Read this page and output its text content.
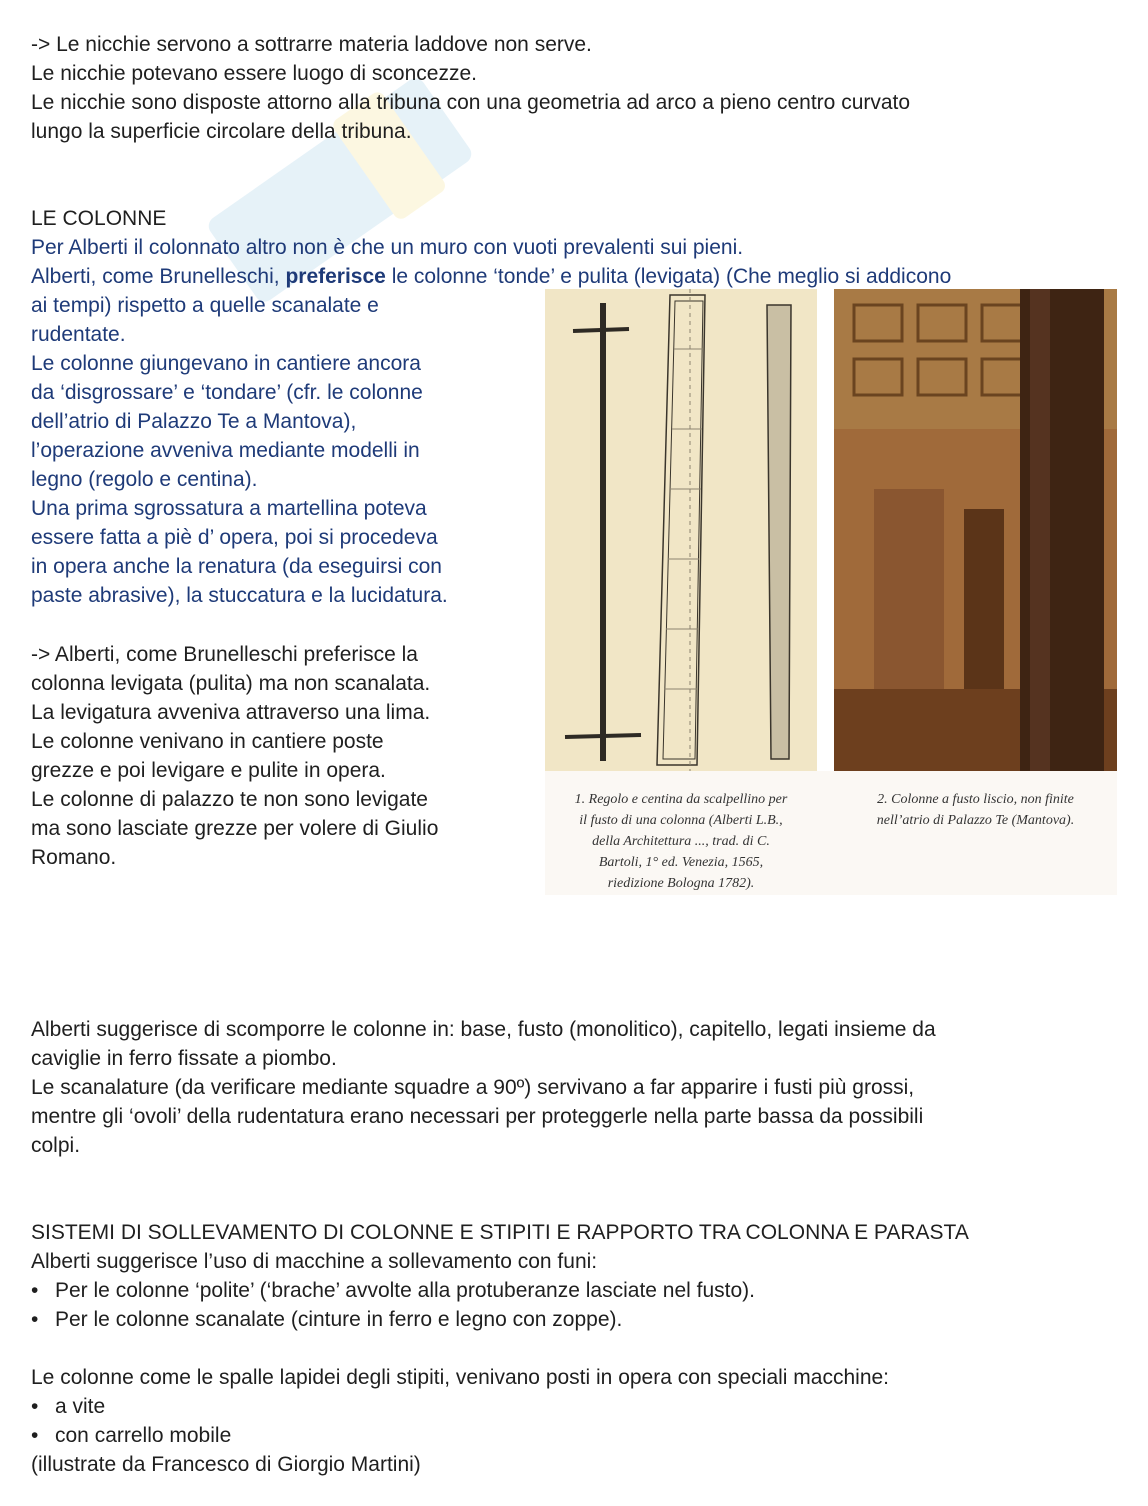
-> Le nicchie servono a sottrarre materia laddove non serve.
Le nicchie potevano essere luogo di sconcezze.
Le nicchie sono disposte attorno alla tribuna con una geometria ad arco a pieno centro curvato
lungo la superficie circolare della tribuna.
LE COLONNE
Per Alberti il colonnato altro non è che un muro con vuoti prevalenti sui pieni.
Alberti, come Brunelleschi, preferisce le colonne ‘tonde’ e pulita (levigata) (Che meglio si addicono
ai tempi) rispetto a quelle scanalate e
rudentate.
Le colonne giungevano in cantiere ancora
da ‘disgrossare’ e ‘tondare’ (cfr. le colonne
dell’atrio di Palazzo Te a Mantova),
l’operazione avveniva mediante modelli in
legno (regolo e centina).
Una prima sgrossatura a martellina poteva
essere fatta a piè d’ opera, poi si procedeva
in opera anche la renatura (da eseguirsi con
paste abrasive), la stuccatura e la lucidatura.
-> Alberti, come Brunelleschi preferisce la
colonna levigata (pulita) ma non scanalata.
La levigatura avveniva attraverso una lima.
Le colonne venivano in cantiere poste
grezze e poi levigare e pulite in opera.
Le colonne di palazzo te non sono levigate
ma sono lasciate grezze per volere di Giulio
Romano.
1. Regolo e centina da scalpellino per
il fusto di una colonna (Alberti L.B.,
della Architettura ..., trad. di C.
Bartoli, 1° ed. Venezia, 1565,
riedizione Bologna 1782).
2. Colonne a fusto liscio, non finite
nell’atrio di Palazzo Te (Mantova).
Alberti suggerisce di scomporre le colonne in: base, fusto (monolitico), capitello, legati insieme da
caviglie in ferro fissate a piombo.
Le scanalature (da verificare mediante squadre a 90º) servivano a far apparire i fusti più grossi,
mentre gli ‘ovoli’ della rudentatura erano necessari per proteggerle nella parte bassa da possibili
colpi.
SISTEMI DI SOLLEVAMENTO DI COLONNE E STIPITI E RAPPORTO TRA COLONNA E PARASTA
Alberti suggerisce l’uso di macchine a sollevamento con funi:
• Per le colonne ‘polite’ (‘brache’ avvolte alla protuberanze lasciate nel fusto).
• Per le colonne scanalate (cinture in ferro e legno con zoppe).
Le colonne come le spalle lapidei degli stipiti, venivano posti in opera con speciali macchine:
• a vite
• con carrello mobile
(illustrate da Francesco di Giorgio Martini)
